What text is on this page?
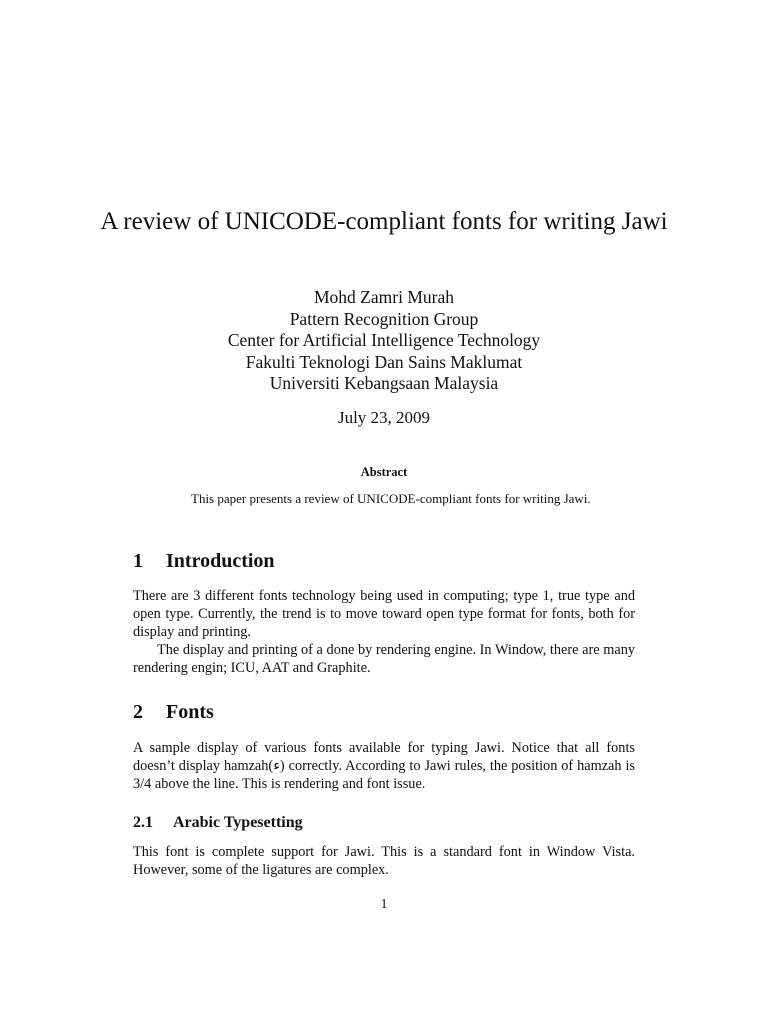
A review of UNICODE-compliant fonts for writing Jawi
Mohd Zamri Murah
Pattern Recognition Group
Center for Artificial Intelligence Technology
Fakulti Teknologi Dan Sains Maklumat
Universiti Kebangsaan Malaysia
July 23, 2009
Abstract

This paper presents a review of UNICODE-compliant fonts for writing Jawi.

1 Introduction

There are 3 different fonts technology being used in computing; type 1, true type and open type. Currently, the trend is to move toward open type format for fonts, both for display and printing.

The display and printing of a done by rendering engine. In Window, there are many rendering engin; ICU, AAT and Graphite.

2 Fonts

A sample display of various fonts available for typing Jawi. Notice that all fonts doesn’t display hamzah(ء) correctly. According to Jawi rules, the position of hamzah is 3/4 above the line. This is rendering and font issue.

2.1 Arabic Typesetting

This font is complete support for Jawi. This is a standard font in Window Vista. However, some of the ligatures are complex.

1
